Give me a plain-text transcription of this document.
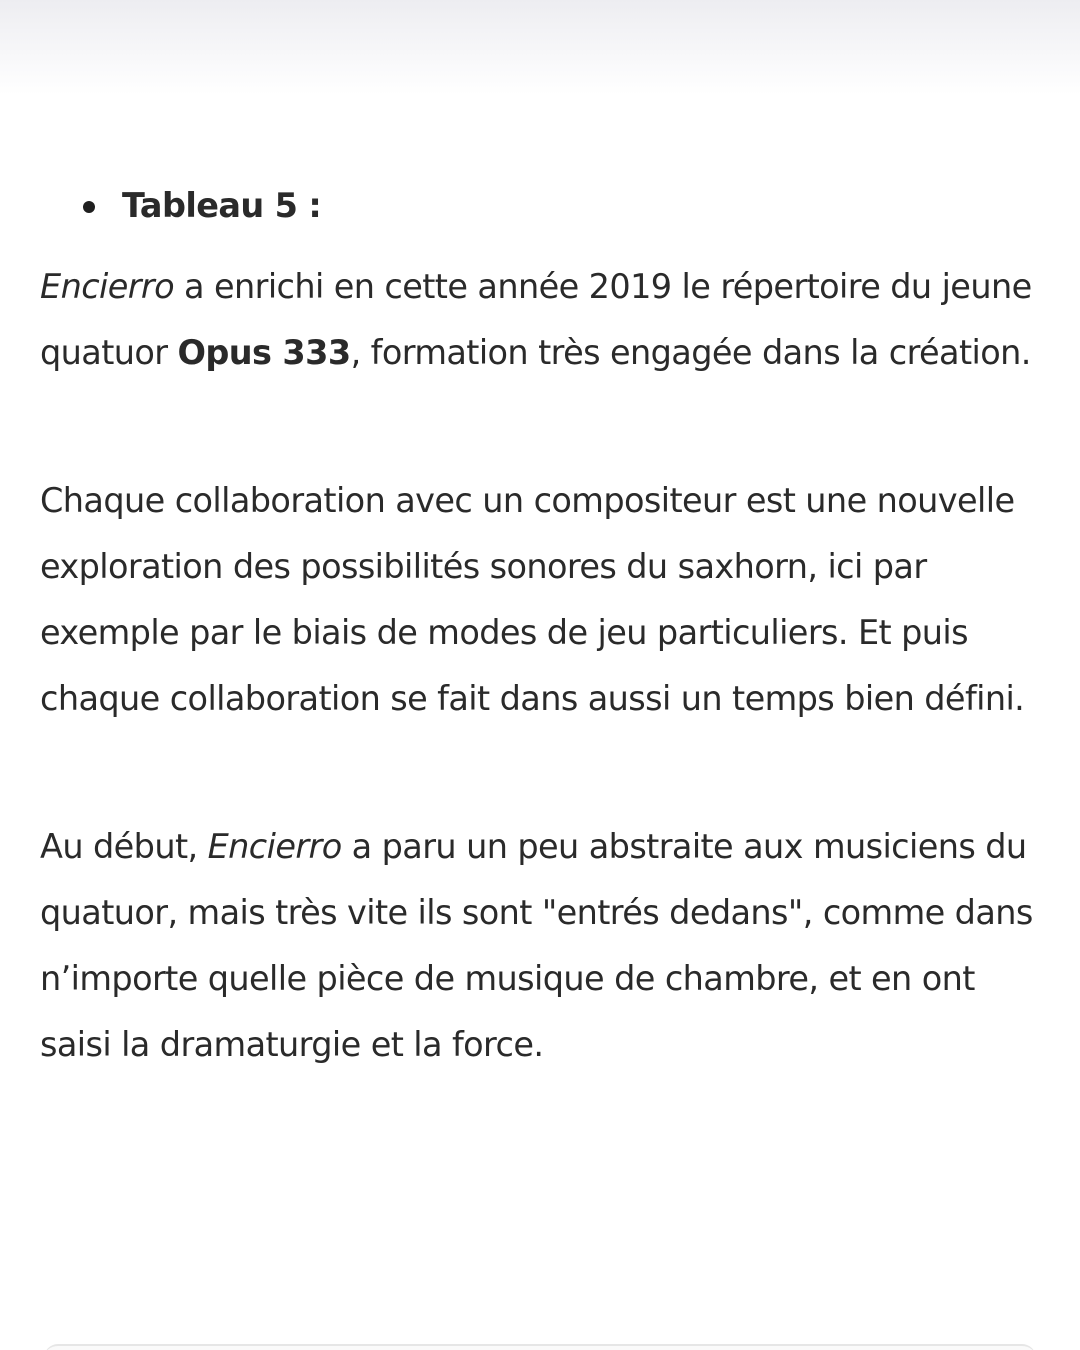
Tableau 5 :

Encierro a enrichi en cette année 2019 le répertoire du jeune quatuor Opus 333, formation très engagée dans la création.

Chaque collaboration avec un compositeur est une nouvelle exploration des possibilités sonores du saxhorn, ici par exemple par le biais de modes de jeu particuliers. Et puis chaque collaboration se fait dans aussi un temps bien défini.

Au début, Encierro a paru un peu abstraite aux musiciens du quatuor, mais très vite ils sont "entrés dedans", comme dans n’importe quelle pièce de musique de chambre, et en ont saisi la dramaturgie et la force.
